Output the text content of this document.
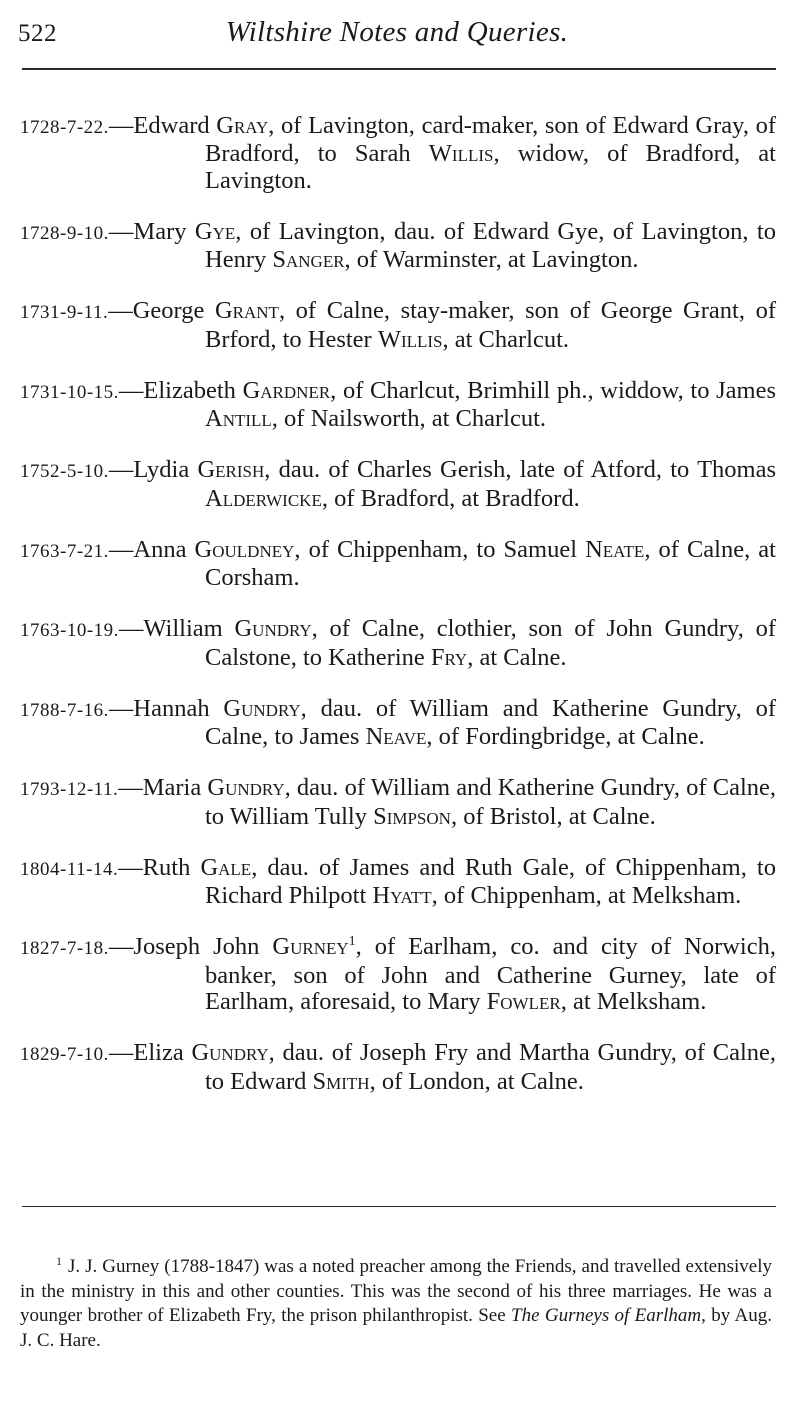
522	Wiltshire Notes and Queries.

1728-7-22.—Edward Gray, of Lavington, card-maker, son of Edward Gray, of Bradford, to Sarah Willis, widow, of Bradford, at Lavington.

1728-9-10.—Mary Gye, of Lavington, dau. of Edward Gye, of Lavington, to Henry Sanger, of Warminster, at Lavington.

1731-9-11.—George Grant, of Calne, stay-maker, son of George Grant, of Brford, to Hester Willis, at Charlcut.

1731-10-15.—Elizabeth Gardner, of Charlcut, Brimhill ph., widdow, to James Antill, of Nailsworth, at Charlcut.

1752-5-10.—Lydia Gerish, dau. of Charles Gerish, late of Atford, to Thomas Alderwicke, of Bradford, at Bradford.

1763-7-21.—Anna Gouldney, of Chippenham, to Samuel Neate, of Calne, at Corsham.

1763-10-19.—William Gundry, of Calne, clothier, son of John Gundry, of Calstone, to Katherine Fry, at Calne.

1788-7-16.—Hannah Gundry, dau. of William and Katherine Gundry, of Calne, to James Neave, of Fordingbridge, at Calne.

1793-12-11.—Maria Gundry, dau. of William and Katherine Gundry, of Calne, to William Tully Simpson, of Bristol, at Calne.

1804-11-14.—Ruth Gale, dau. of James and Ruth Gale, of Chippenham, to Richard Philpott Hyatt, of Chippenham, at Melksham.

1827-7-18.—Joseph John Gurney$^1$, of Earlham, co. and city of Norwich, banker, son of John and Catherine Gurney, late of Earlham, aforesaid, to Mary Fowler, at Melksham.

1829-7-10.—Eliza Gundry, dau. of Joseph Fry and Martha Gundry, of Calne, to Edward Smith, of London, at Calne.

$^1$ J. J. Gurney (1788-1847) was a noted preacher among the Friends, and travelled extensively in the ministry in this and other counties. This was the second of his three marriages. He was a younger brother of Elizabeth Fry, the prison philanthropist. See The Gurneys of Earlham, by Aug. J. C. Hare.
